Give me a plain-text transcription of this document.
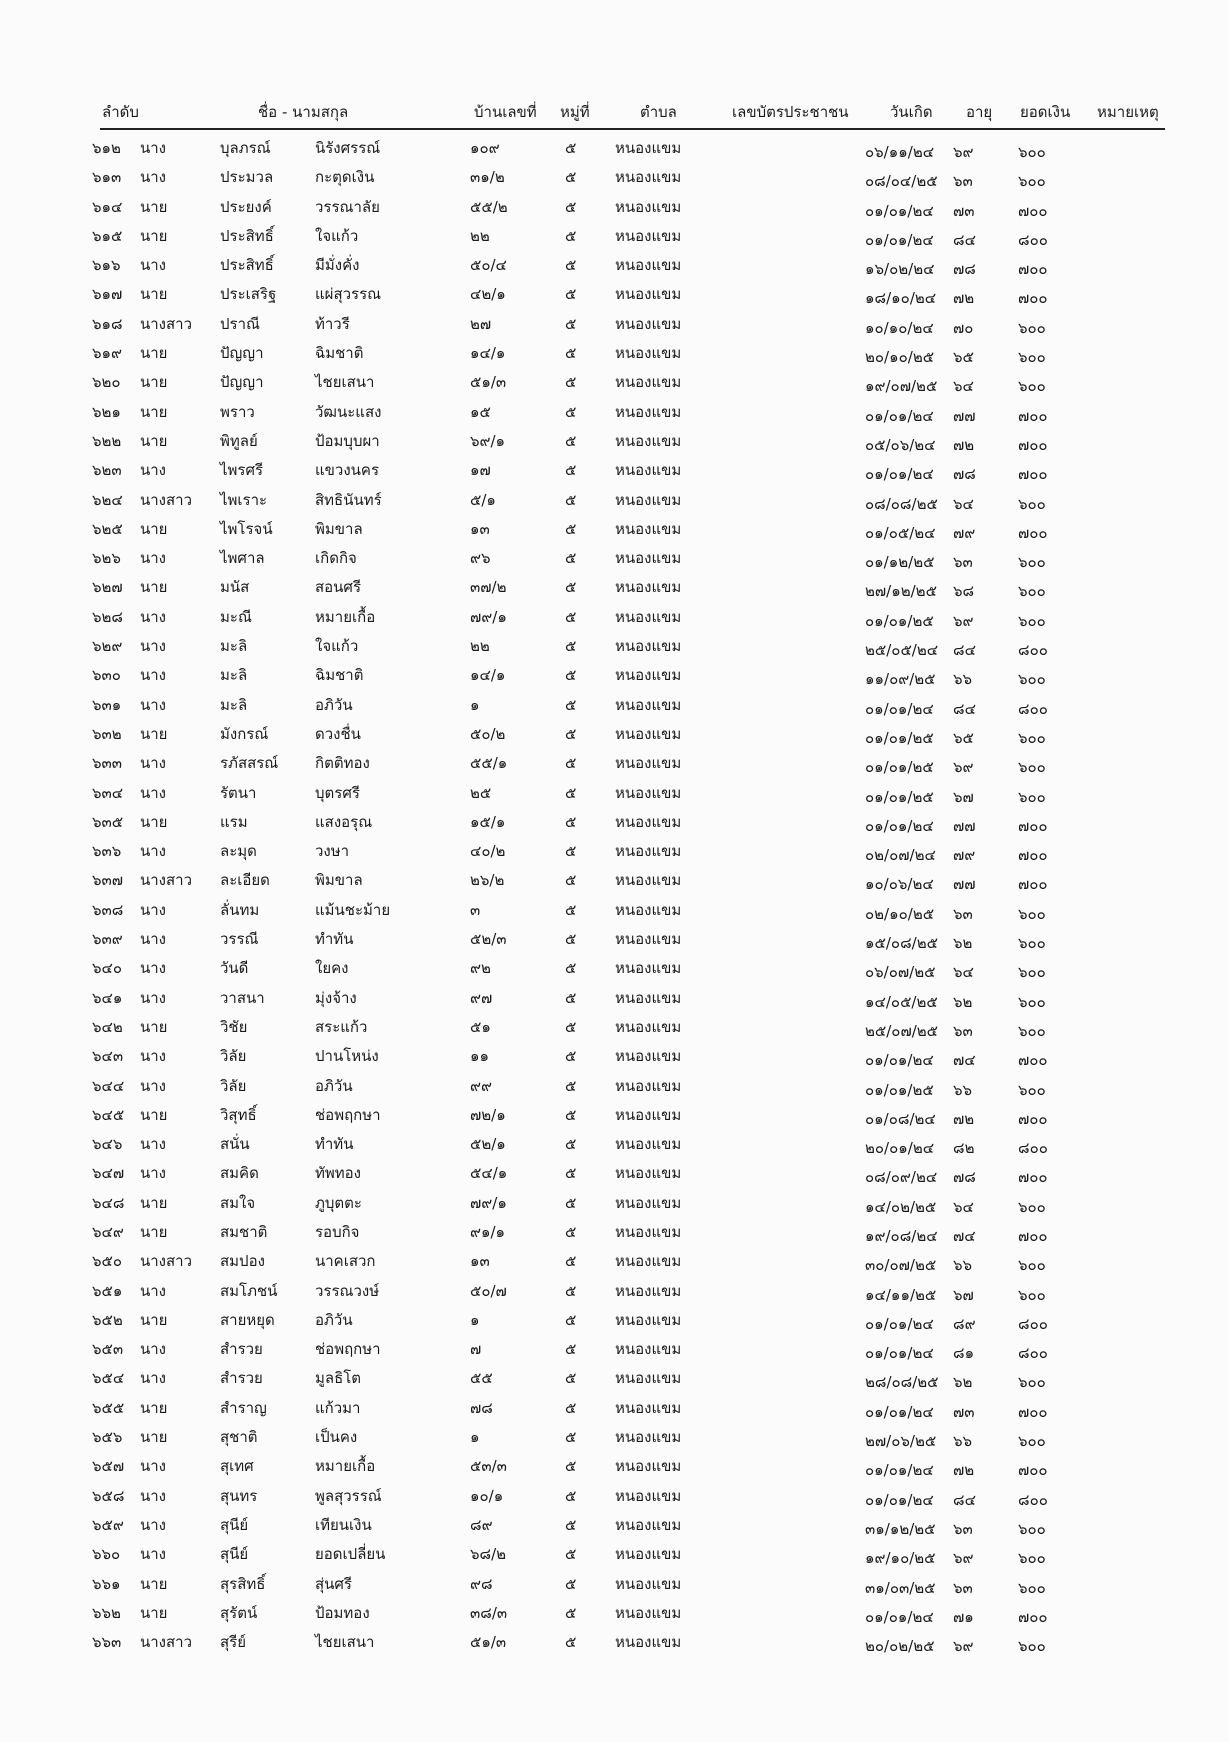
ลำดับ	ชื่อ - นามสกุล	บ้านเลขที่ หมู่ที่	ตำบล	เลขบัตรประชาชน	วันเกิด อายุ ยอดเงิน หมายเหตุ
๖๑๒ นาง	บุลภรณ์	นิรังศรรณ์	๑๐๙	๕	หนองแขม	๐๖/๑๑/๒๔ ๖๙	๖๐๐
๖๑๓ นาง	ประมวล	กะตุดเงิน	๓๑/๒	๕	หนองแขม	๐๘/๐๔/๒๕ ๖๓	๖๐๐
๖๑๔ นาย	ประยงค์	วรรณาลัย	๕๕/๒	๕	หนองแขม	๐๑/๐๑/๒๔ ๗๓	๗๐๐
๖๑๕ นาย	ประสิทธิ์	ใจแก้ว	๒๒	๕	หนองแขม	๐๑/๐๑/๒๔ ๘๔	๘๐๐
๖๑๖ นาง	ประสิทธิ์	มีมั่งคั่ง	๕๐/๔	๕	หนองแขม	๑๖/๐๒/๒๔ ๗๘	๗๐๐
๖๑๗ นาย	ประเสริฐ	แผ่สุวรรณ	๔๒/๑	๕	หนองแขม	๑๘/๑๐/๒๔ ๗๒	๗๐๐
๖๑๘ นางสาว ปราณี	ท้าวรี	๒๗	๕	หนองแขม	๑๐/๑๐/๒๔ ๗๐	๖๐๐
๖๑๙ นาย	ปัญญา	ฉิมชาติ	๑๔/๑	๕	หนองแขม	๒๐/๑๐/๒๕ ๖๕	๖๐๐
๖๒๐ นาย	ปัญญา	ไชยเสนา	๕๑/๓	๕	หนองแขม	๑๙/๐๗/๒๕ ๖๔	๖๐๐
๖๒๑ นาย	พราว	วัฒนะแสง	๑๕	๕	หนองแขม	๐๑/๐๑/๒๔ ๗๗	๗๐๐
๖๒๒ นาย	พิทูลย์	ป้อมบุบผา	๖๙/๑	๕	หนองแขม	๐๕/๐๖/๒๔ ๗๒	๗๐๐
๖๒๓ นาง	ไพรศรี	แขวงนคร	๑๗	๕	หนองแขม	๐๑/๐๑/๒๔ ๗๘	๗๐๐
๖๒๔ นางสาว ไพเราะ	สิทธินันทร์	๕/๑	๕	หนองแขม	๐๘/๐๘/๒๕ ๖๔	๖๐๐
๖๒๕ นาย	ไพโรจน์	พิมขาล	๑๓	๕	หนองแขม	๐๑/๐๕/๒๔ ๗๙	๗๐๐
๖๒๖ นาง	ไพศาล	เกิดกิจ	๙๖	๕	หนองแขม	๐๑/๑๒/๒๕ ๖๓	๖๐๐
๖๒๗ นาย	มนัส	สอนศรี	๓๗/๒	๕	หนองแขม	๒๗/๑๒/๒๕ ๖๘	๖๐๐
๖๒๘ นาง	มะณี	หมายเกื้อ	๗๙/๑	๕	หนองแขม	๐๑/๐๑/๒๕ ๖๙	๖๐๐
๖๒๙ นาง	มะลิ	ใจแก้ว	๒๒	๕	หนองแขม	๒๕/๐๕/๒๔ ๘๔	๘๐๐
๖๓๐ นาง	มะลิ	ฉิมชาติ	๑๔/๑	๕	หนองแขม	๑๑/๐๙/๒๕ ๖๖	๖๐๐
๖๓๑ นาง	มะลิ	อภิวัน	๑	๕	หนองแขม	๐๑/๐๑/๒๔ ๘๔	๘๐๐
๖๓๒ นาย	มังกรณ์	ดวงชื่น	๕๐/๒	๕	หนองแขม	๐๑/๐๑/๒๕ ๖๕	๖๐๐
๖๓๓ นาง	รภัสสรณ์ กิตติทอง	๕๕/๑	๕	หนองแขม	๐๑/๐๑/๒๕ ๖๙	๖๐๐
๖๓๔ นาง	รัตนา	บุตรศรี	๒๕	๕	หนองแขม	๐๑/๐๑/๒๕ ๖๗	๖๐๐
๖๓๕ นาย	แรม	แสงอรุณ	๑๕/๑	๕	หนองแขม	๐๑/๐๑/๒๔ ๗๗	๗๐๐
๖๓๖ นาง	ละมุด	วงษา	๔๐/๒	๕	หนองแขม	๐๒/๐๗/๒๔ ๗๙	๗๐๐
๖๓๗ นางสาว ละเอียด	พิมขาล	๒๖/๒	๕	หนองแขม	๑๐/๐๖/๒๔ ๗๗	๗๐๐
๖๓๘ นาง	ลั่นทม	แม้นชะม้าย	๓	๕	หนองแขม	๐๒/๑๐/๒๕ ๖๓	๖๐๐
๖๓๙ นาง	วรรณี	ทำทัน	๕๒/๓	๕	หนองแขม	๑๕/๐๘/๒๕ ๖๒	๖๐๐
๖๔๐ นาง	วันดี	ใยคง	๙๒	๕	หนองแขม	๐๖/๐๗/๒๕ ๖๔	๖๐๐
๖๔๑ นาง	วาสนา	มุ่งจ้าง	๙๗	๕	หนองแขม	๑๔/๐๕/๒๕ ๖๒	๖๐๐
๖๔๒ นาย	วิชัย	สระแก้ว	๕๑	๕	หนองแขม	๒๕/๐๗/๒๕ ๖๓	๖๐๐
๖๔๓ นาง	วิลัย	ปานโหน่ง	๑๑	๕	หนองแขม	๐๑/๐๑/๒๔ ๗๔	๗๐๐
๖๔๔ นาง	วิลัย	อภิวัน	๙๙	๕	หนองแขม	๐๑/๐๑/๒๕ ๖๖	๖๐๐
๖๔๕ นาย	วิสุทธิ์	ช่อพฤกษา	๗๒/๑	๕	หนองแขม	๐๑/๐๘/๒๔ ๗๒	๗๐๐
๖๔๖ นาง	สนั่น	ทำทัน	๕๒/๑	๕	หนองแขม	๒๐/๐๑/๒๔ ๘๒	๘๐๐
๖๔๗ นาง	สมคิด	ทัพทอง	๕๔/๑	๕	หนองแขม	๐๘/๐๙/๒๔ ๗๘	๗๐๐
๖๔๘ นาย	สมใจ	ภูบุตตะ	๗๙/๑	๕	หนองแขม	๑๔/๐๒/๒๕ ๖๔	๖๐๐
๖๔๙ นาย	สมชาติ	รอบกิจ	๙๑/๑	๕	หนองแขม	๑๙/๐๘/๒๔ ๗๔	๗๐๐
๖๕๐ นางสาว สมปอง	นาคเสวก	๑๓	๕	หนองแขม	๓๐/๐๗/๒๕ ๖๖	๖๐๐
๖๕๑ นาง	สมโภชน์	วรรณวงษ์	๕๐/๗	๕	หนองแขม	๑๔/๑๑/๒๕ ๖๗	๖๐๐
๖๕๒ นาย	สายหยุด	อภิวัน	๑	๕	หนองแขม	๐๑/๐๑/๒๔ ๘๙	๘๐๐
๖๕๓ นาง	สำรวย	ช่อพฤกษา	๗	๕	หนองแขม	๐๑/๐๑/๒๔ ๘๑	๘๐๐
๖๕๔ นาง	สำรวย	มูลธิโต	๕๕	๕	หนองแขม	๒๘/๐๘/๒๕ ๖๒	๖๐๐
๖๕๕ นาย	สำราญ	แก้วมา	๗๘	๕	หนองแขม	๐๑/๐๑/๒๔ ๗๓	๗๐๐
๖๕๖ นาย	สุชาติ	เป็นคง	๑	๕	หนองแขม	๒๗/๐๖/๒๕ ๖๖	๖๐๐
๖๕๗ นาง	สุเทศ	หมายเกื้อ	๕๓/๓	๕	หนองแขม	๐๑/๐๑/๒๔ ๗๒	๗๐๐
๖๕๘ นาง	สุนทร	พูลสุวรรณ์	๑๐/๑	๕	หนองแขม	๐๑/๐๑/๒๔ ๘๔	๘๐๐
๖๕๙ นาง	สุนีย์	เทียนเงิน	๘๙	๕	หนองแขม	๓๑/๑๒/๒๕ ๖๓	๖๐๐
๖๖๐ นาง	สุนีย์	ยอดเปลี่ยน	๖๘/๒	๕	หนองแขม	๑๙/๑๐/๒๕ ๖๙	๖๐๐
๖๖๑ นาย	สุรสิทธิ์	สุ่นศรี	๙๘	๕	หนองแขม	๓๑/๐๓/๒๕ ๖๓	๖๐๐
๖๖๒ นาย	สุรัตน์	ป้อมทอง	๓๘/๓	๕	หนองแขม	๐๑/๐๑/๒๔ ๗๑	๗๐๐
๖๖๓ นางสาว สุรีย์	ไชยเสนา	๕๑/๓	๕	หนองแขม	๒๐/๐๒/๒๕ ๖๙	๖๐๐
